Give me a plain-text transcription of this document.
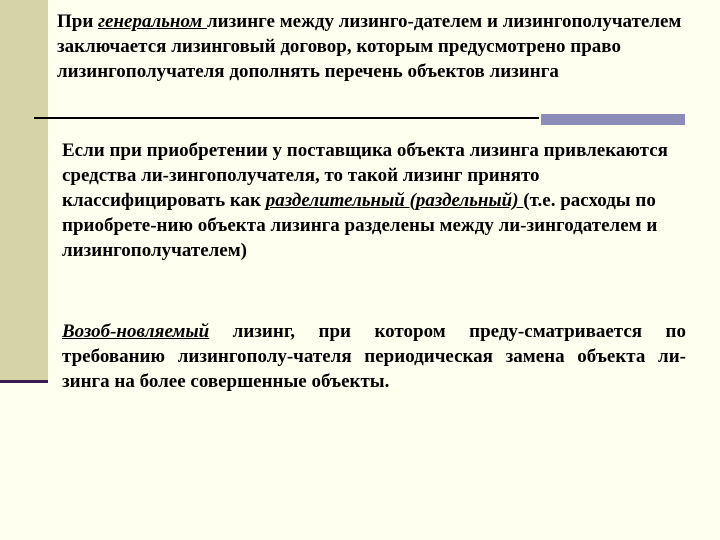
При генеральном лизинге между лизинго-дателем и лизингополучателем заключается лизинговый договор, которым предусмотрено право лизингополучателя дополнять перечень объектов лизинга

Если при приобретении у поставщика объекта лизинга привлекаются средства ли-зингополучателя, то такой лизинг принято классифицировать как разделительный (раздельный) (т.е. расходы по приобрете-нию объекта лизинга разделены между ли-зингодателем и лизингополучателем)

Возоб-новляемый лизинг, при котором преду-сматривается по требованию лизингополу-чателя периодическая замена объекта ли-зинга на более совершенные объекты.
